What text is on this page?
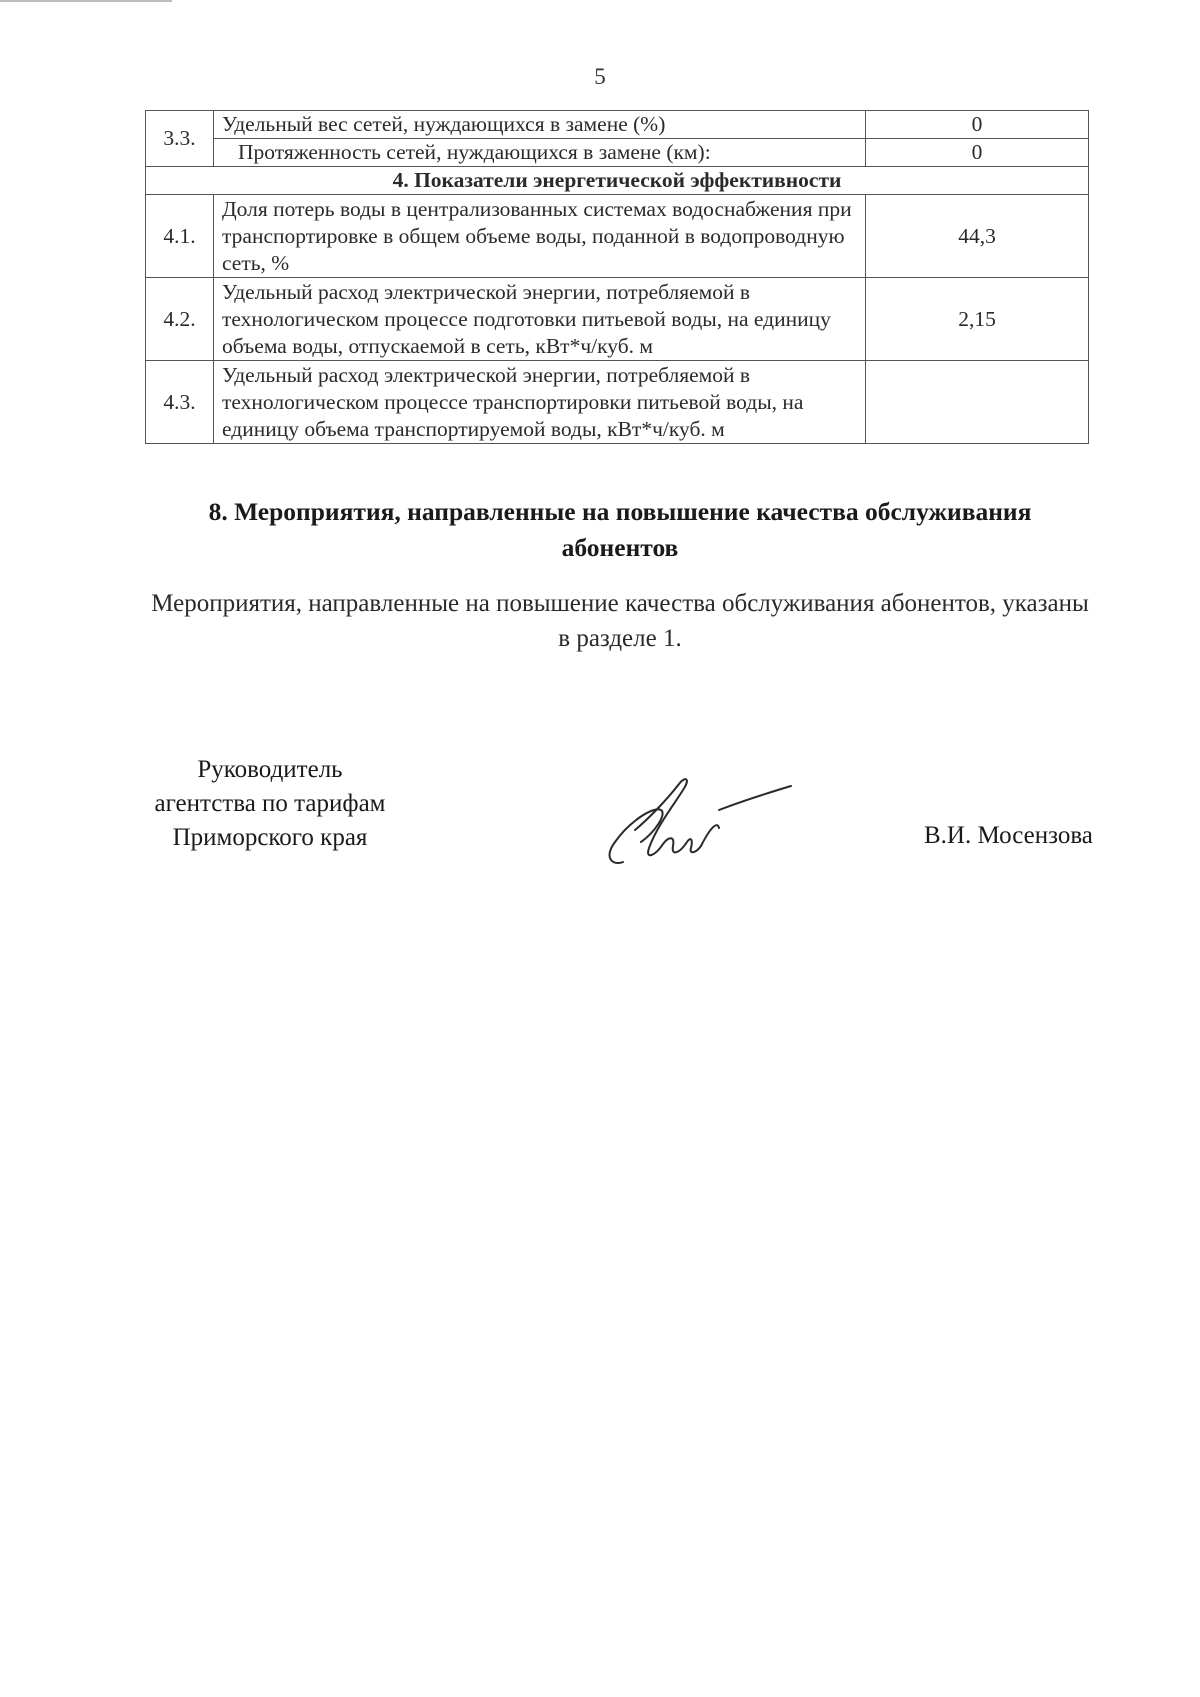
5
3.3.	Удельный вес сетей, нуждающихся в замене (%)	0
	Протяженность сетей, нуждающихся в замене (км):	0
4. Показатели энергетической эффективности		
4.1.	Доля потерь воды в централизованных системах водоснабжения при транспортировке в общем объеме воды, поданной в водопроводную сеть, %	44,3
4.2.	Удельный расход электрической энергии, потребляемой в технологическом процессе подготовки питьевой воды, на единицу объема воды, отпускаемой в сеть, кВт*ч/куб. м	2,15
4.3.	Удельный расход электрической энергии, потребляемой в технологическом процессе транспортировки питьевой воды, на единицу объема транспортируемой воды, кВт*ч/куб. м	
8. Мероприятия, направленные на повышение качества обслуживания абонентов
Мероприятия, направленные на повышение качества обслуживания абонентов, указаны в разделе 1.
Руководитель
агентства по тарифам
Приморского края	В.И. Мосензова
